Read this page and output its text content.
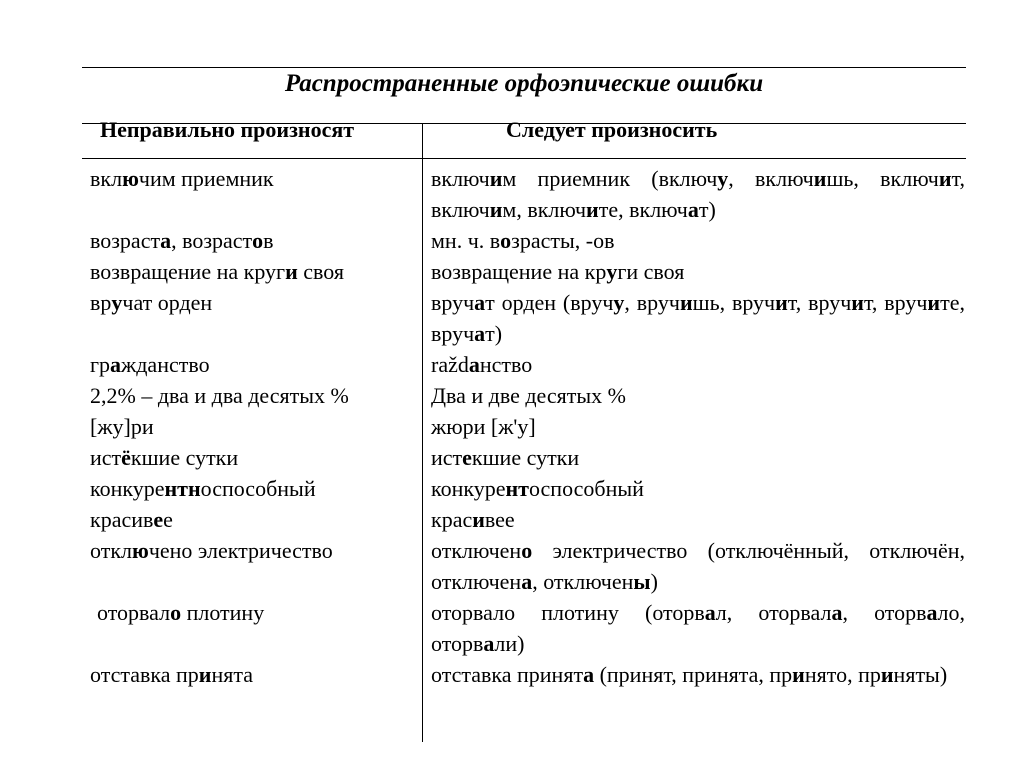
Распространенные орфоэпические ошибки
Неправильно произносят	Следует произносить
включим приемник
возраста, возрастов
возвращение на круги своя
вручат орден
гражданство
2,2% – два и два десятых %
[жу]ри
истёкшие сутки
конкурентноспособный
красивее
отключено электричество
оторвало плотину
отставка принята
включим приемник (включу, включишь, включит, включим, включите, включат)
мн. ч. возрасты, -ов
возвращение на круги своя
вручат орден (вручу, вручишь, вручит, вручит, вручите, вручат)
raždанство
Два и две десятых %
жюри [ж'у]
истекшие сутки
конкурентоспособный
красивее
отключено электричество (отключённый, отключён, отключена, отключены)
оторвало плотину (оторвал, оторвала, оторвало, оторвали)
отставка принята (принят, принята, принято, приняты)
